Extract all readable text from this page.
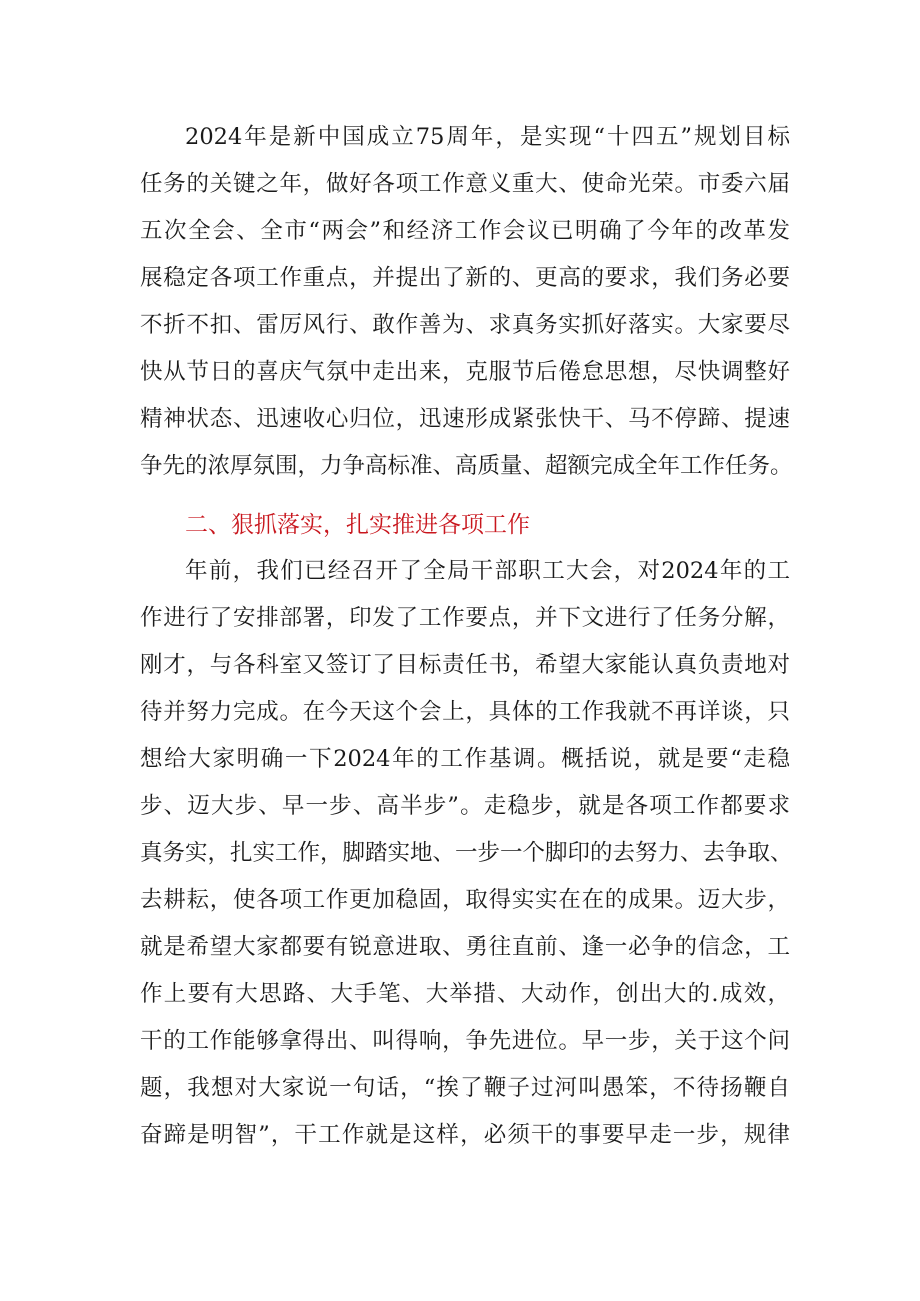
2024年是新中国成立75周年，是实现“十四五”规划目标
任务的关键之年，做好各项工作意义重大、使命光荣。市委六届
五次全会、全市“两会”和经济工作会议已明确了今年的改革发
展稳定各项工作重点，并提出了新的、更高的要求，我们务必要
不折不扣、雷厉风行、敢作善为、求真务实抓好落实。大家要尽
快从节日的喜庆气氛中走出来，克服节后倦怠思想，尽快调整好
精神状态、迅速收心归位，迅速形成紧张快干、马不停蹄、提速
争先的浓厚氛围，力争高标准、高质量、超额完成全年工作任务。
二、狠抓落实，扎实推进各项工作
年前，我们已经召开了全局干部职工大会，对2024年的工
作进行了安排部署，印发了工作要点，并下文进行了任务分解，
刚才，与各科室又签订了目标责任书，希望大家能认真负责地对
待并努力完成。在今天这个会上，具体的工作我就不再详谈，只
想给大家明确一下2024年的工作基调。概括说，就是要“走稳
步、迈大步、早一步、高半步”。走稳步，就是各项工作都要求
真务实，扎实工作，脚踏实地、一步一个脚印的去努力、去争取、
去耕耘，使各项工作更加稳固，取得实实在在的成果。迈大步，
就是希望大家都要有锐意进取、勇往直前、逢一必争的信念，工
作上要有大思路、大手笔、大举措、大动作，创出大的.成效，
干的工作能够拿得出、叫得响，争先进位。早一步，关于这个问
题，我想对大家说一句话，“挨了鞭子过河叫愚笨，不待扬鞭自
奋蹄是明智”，干工作就是这样，必须干的事要早走一步，规律
